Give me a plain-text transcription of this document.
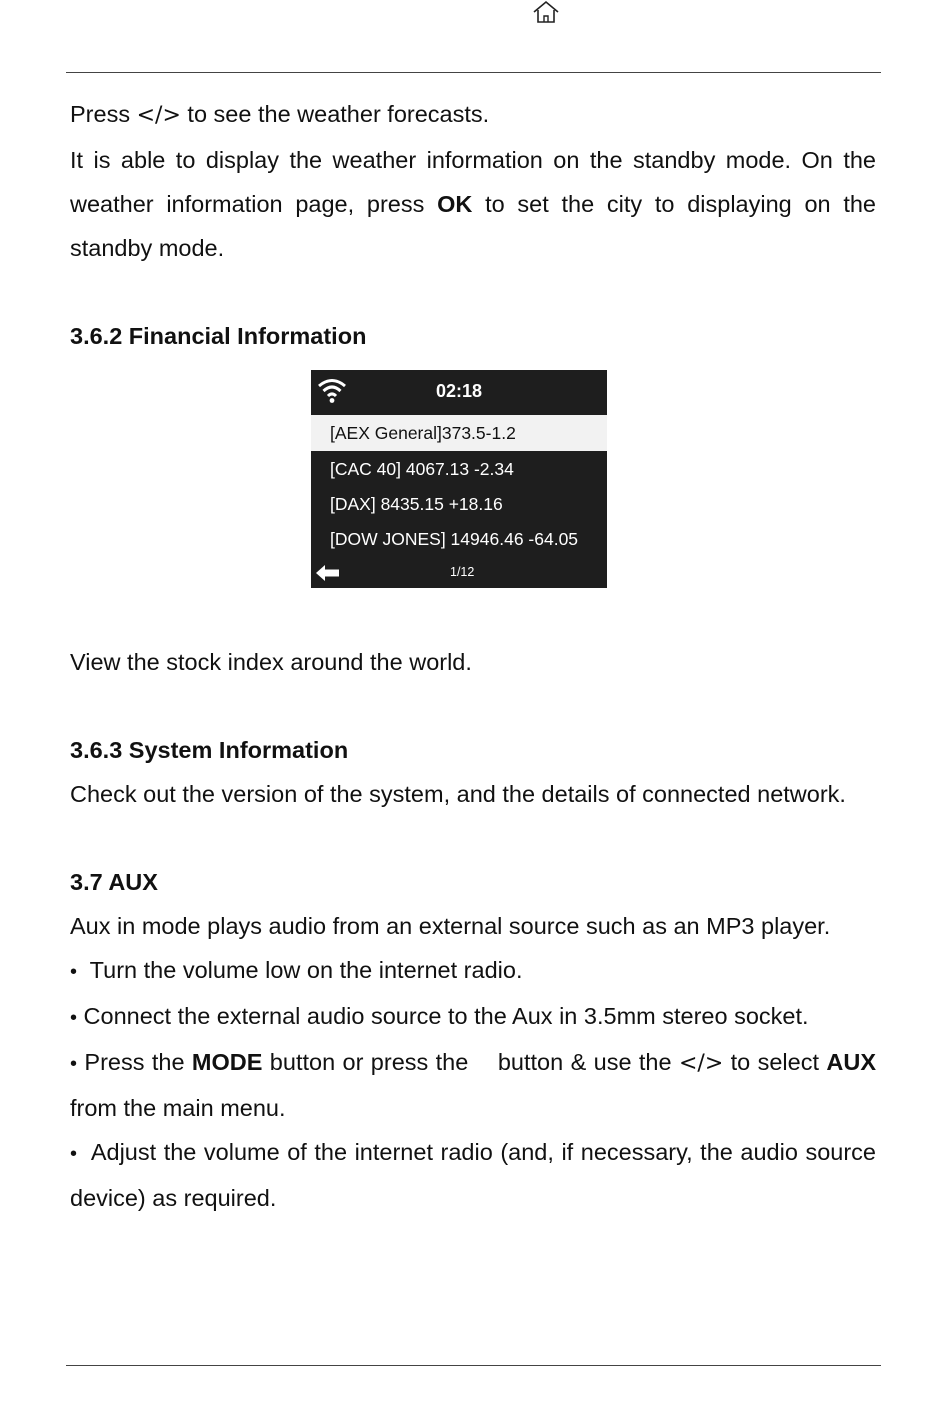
Press </> to see the weather forecasts.

It is able to display the weather information on the standby mode. On the weather information page, press OK to set the city to displaying on the standby mode.

3.6.2 Financial Information

02:18
[AEX General]373.5-1.2
[CAC 40] 4067.13 -2.34
[DAX] 8435.15 +18.16
[DOW JONES] 14946.46 -64.05
1/12

View the stock index around the world.

3.6.3 System Information

Check out the version of the system, and the details of connected network.

3.7 AUX

Aux in mode plays audio from an external source such as an MP3 player.

• Turn the volume low on the internet radio.

• Connect the external audio source to the Aux in 3.5mm stereo socket.

• Press the MODE button or press the    button & use the </> to select AUX from the main menu.

• Adjust the volume of the internet radio (and, if necessary, the audio source device) as required.
